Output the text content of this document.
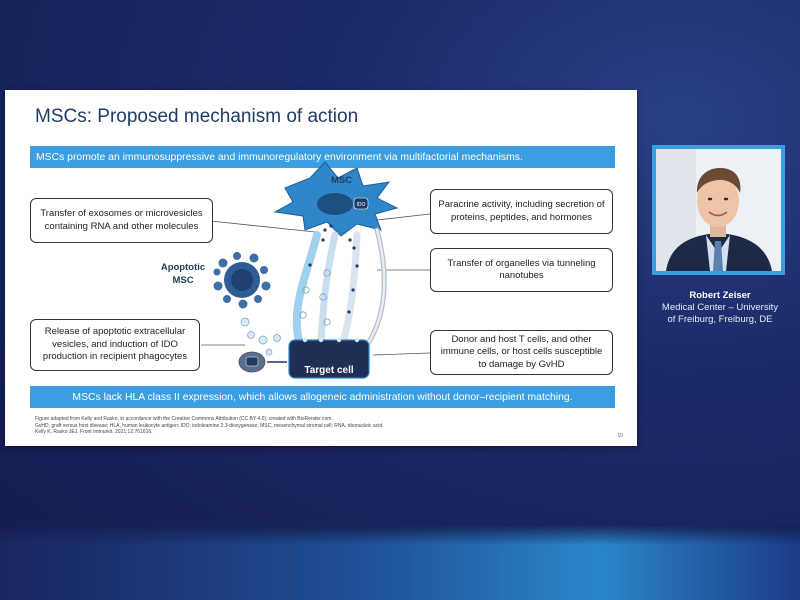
MSCs: Proposed mechanism of action
MSCs promote an immunosuppressive and immunoregulatory environment via multifactorial mechanisms.
IDO
MSC
Apoptotic
MSC
Target cell
Transfer of exosomes or microvesicles containing RNA and other molecules
Release of apoptotic extracellular vesicles, and induction of IDO production in recipient phagocytes
Paracrine activity, including secretion of proteins, peptides, and hormones
Transfer of organelles via tunneling nanotubes
Donor and host T cells, and other immune cells, or host cells susceptible to damage by GvHD
MSCs lack HLA class II expression, which allows allogeneic administration without donor–recipient matching.
Figure adapted from Kelly and Rasko, in accordance with the Creative Commons Attribution (CC BY 4.0), created with BioRender.com.
GvHD, graft versus host disease; HLA, human leukocyte antigen; IDO, indoleamine 2,3-dioxygenase; MSC, mesenchymal stromal cell; RNA, ribonucleic acid.
Kelly K, Rasko JEJ. Front Immunol. 2021;12:761616.
10
Robert Zeiser
Medical Center – University
of Freiburg, Freiburg, DE
